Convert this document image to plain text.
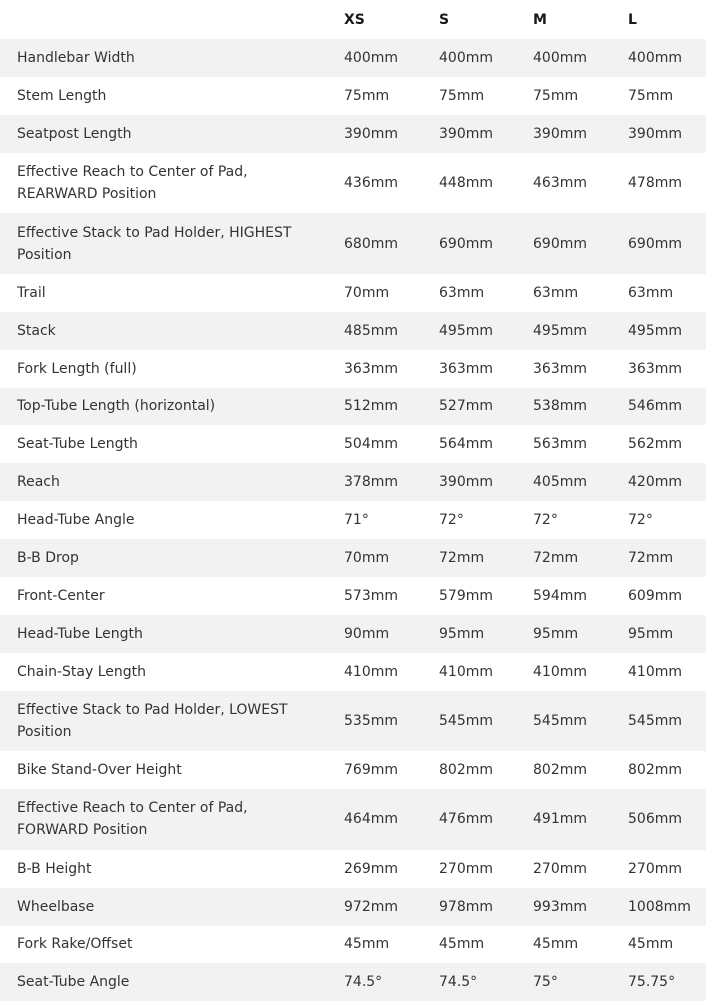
	XS	S	M	L
Handlebar Width	400mm	400mm	400mm	400mm
Stem Length	75mm	75mm	75mm	75mm
Seatpost Length	390mm	390mm	390mm	390mm
Effective Reach to Center of Pad, REARWARD Position	436mm	448mm	463mm	478mm
Effective Stack to Pad Holder, HIGHEST Position	680mm	690mm	690mm	690mm
Trail	70mm	63mm	63mm	63mm
Stack	485mm	495mm	495mm	495mm
Fork Length (full)	363mm	363mm	363mm	363mm
Top-Tube Length (horizontal)	512mm	527mm	538mm	546mm
Seat-Tube Length	504mm	564mm	563mm	562mm
Reach	378mm	390mm	405mm	420mm
Head-Tube Angle	71°	72°	72°	72°
B-B Drop	70mm	72mm	72mm	72mm
Front-Center	573mm	579mm	594mm	609mm
Head-Tube Length	90mm	95mm	95mm	95mm
Chain-Stay Length	410mm	410mm	410mm	410mm
Effective Stack to Pad Holder, LOWEST Position	535mm	545mm	545mm	545mm
Bike Stand-Over Height	769mm	802mm	802mm	802mm
Effective Reach to Center of Pad, FORWARD Position	464mm	476mm	491mm	506mm
B-B Height	269mm	270mm	270mm	270mm
Wheelbase	972mm	978mm	993mm	1008mm
Fork Rake/Offset	45mm	45mm	45mm	45mm
Seat-Tube Angle	74.5°	74.5°	75°	75.75°
